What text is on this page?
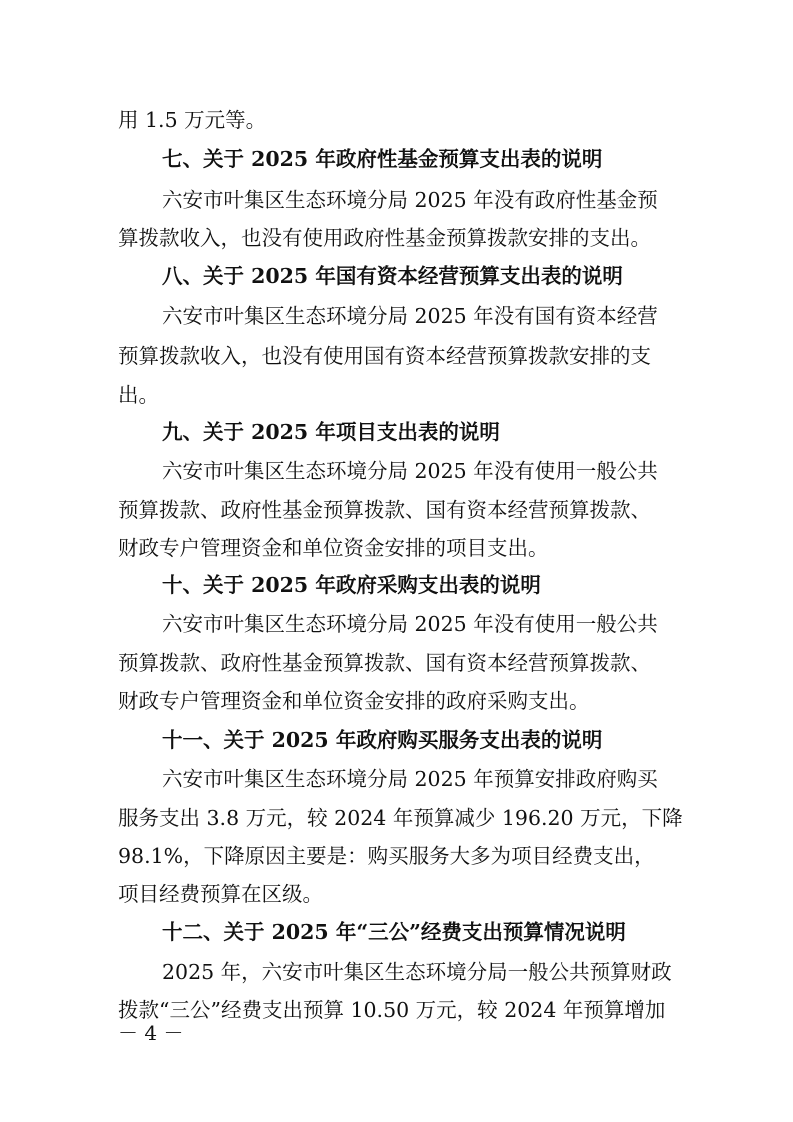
用 1.5 万元等。
七、关于 2025 年政府性基金预算支出表的说明
六安市叶集区生态环境分局 2025 年没有政府性基金预
算拨款收入，也没有使用政府性基金预算拨款安排的支出。
八、关于 2025 年国有资本经营预算支出表的说明
六安市叶集区生态环境分局 2025 年没有国有资本经营
预算拨款收入，也没有使用国有资本经营预算拨款安排的支
出。
九、关于 2025 年项目支出表的说明
六安市叶集区生态环境分局 2025 年没有使用一般公共
预算拨款、政府性基金预算拨款、国有资本经营预算拨款、
财政专户管理资金和单位资金安排的项目支出。
十、关于 2025 年政府采购支出表的说明
六安市叶集区生态环境分局 2025 年没有使用一般公共
预算拨款、政府性基金预算拨款、国有资本经营预算拨款、
财政专户管理资金和单位资金安排的政府采购支出。
十一、关于 2025 年政府购买服务支出表的说明
六安市叶集区生态环境分局 2025 年预算安排政府购买
服务支出 3.8 万元，较 2024 年预算减少 196.20 万元，下降
98.1%，下降原因主要是：购买服务大多为项目经费支出，
项目经费预算在区级。
十二、关于 2025 年“三公”经费支出预算情况说明
2025 年，六安市叶集区生态环境分局一般公共预算财政
拨款“三公”经费支出预算 10.50 万元，较 2024 年预算增加
－ 4 －
